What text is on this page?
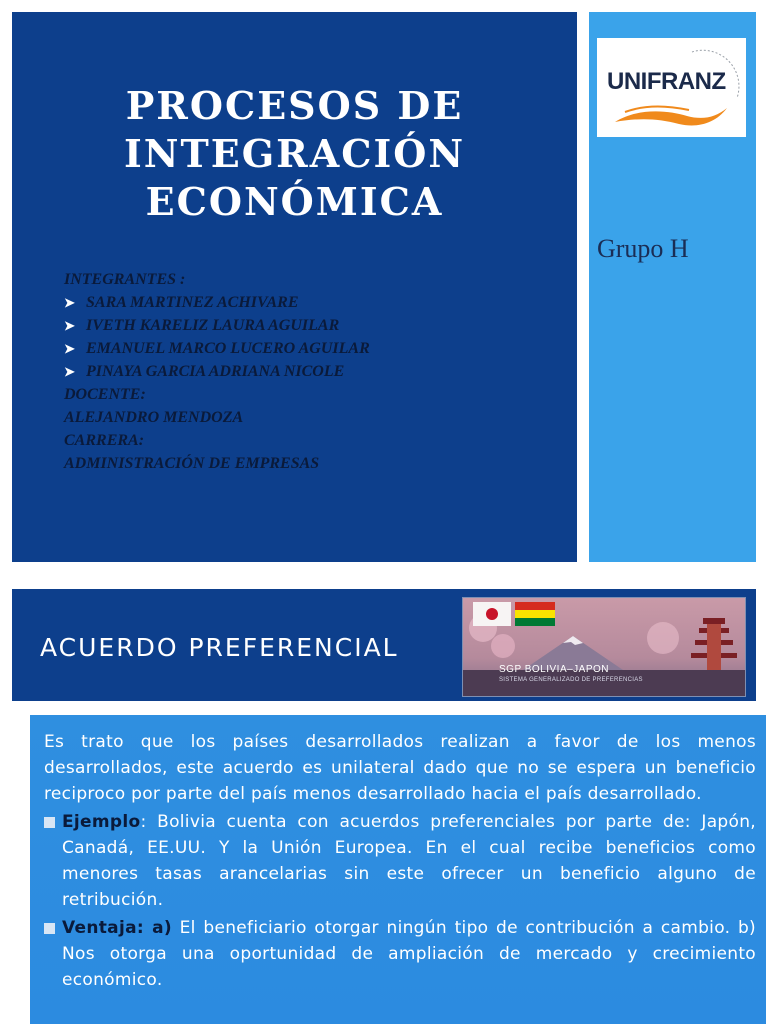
PROCESOS DE
INTEGRACIÓN
ECONÓMICA
INTEGRANTES :
➤ SARA MARTINEZ ACHIVARE
➤ IVETH KARELIZ LAURA AGUILAR
➤ EMANUEL MARCO LUCERO AGUILAR
➤ PINAYA GARCIA ADRIANA NICOLE
DOCENTE:
ALEJANDRO MENDOZA
CARRERA:
ADMINISTRACIÓN DE EMPRESAS
UNIFRANZ
Grupo H
ACUERDO PREFERENCIAL
SGP BOLIVIA–JAPON
SISTEMA GENERALIZADO DE PREFERENCIAS

Es trato que los países desarrollados realizan a favor de los menos desarrollados, este acuerdo es unilateral dado que no se espera un beneficio reciproco por parte del país menos desarrollado hacia el país desarrollado.

Ejemplo: Bolivia cuenta con acuerdos preferenciales por parte de: Japón, Canadá, EE.UU. Y la Unión Europea. En el cual recibe beneficios como menores tasas arancelarias sin este ofrecer un beneficio alguno de retribución.
Ventaja: a) El beneficiario otorgar ningún tipo de contribución a cambio. b) Nos otorga una oportunidad de ampliación de mercado y crecimiento económico.
